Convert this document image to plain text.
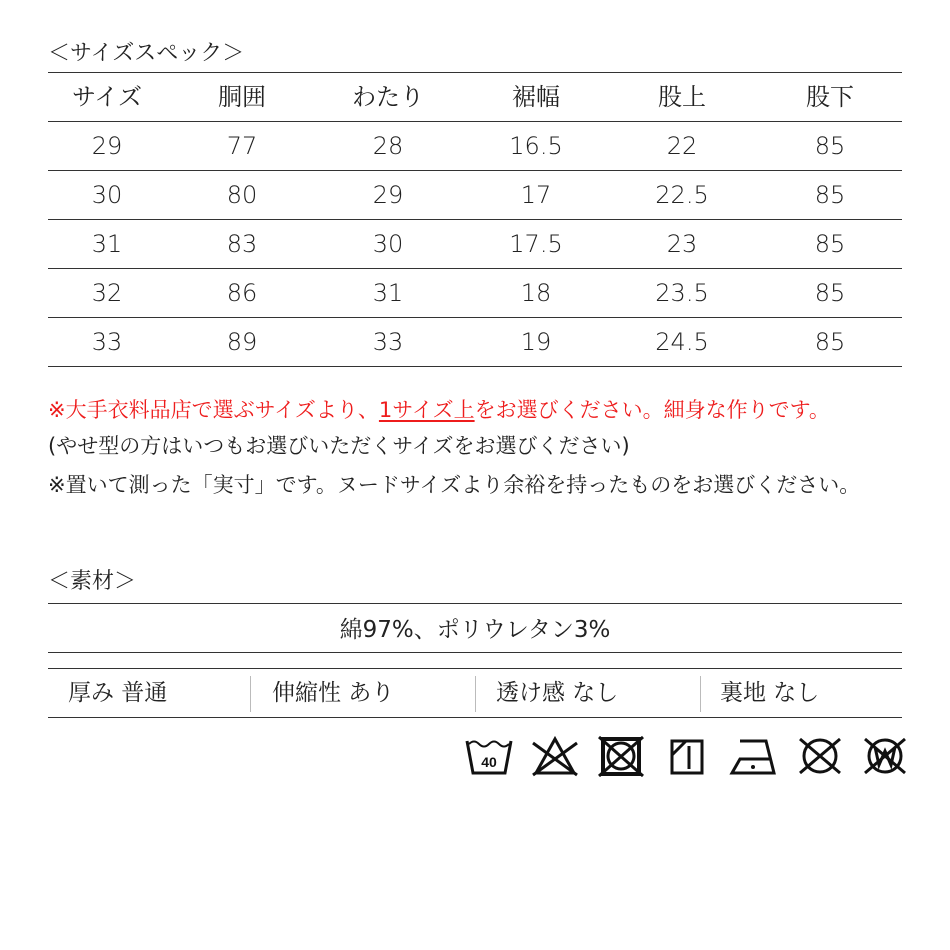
＜サイズスペック＞
サイズ	胴囲	わたり	裾幅	股上	股下
29	77	28	16.5	22	85
30	80	29	17	22.5	85
31	83	30	17.5	23	85
32	86	31	18	23.5	85
33	89	33	19	24.5	85
※大手衣料品店で選ぶサイズより、1サイズ上をお選びください。細身な作りです。
(やせ型の方はいつもお選びいただくサイズをお選びください)
※置いて測った「実寸」です。ヌードサイズより余裕を持ったものをお選びください。
＜素材＞
綿97%、ポリウレタン3%
厚み 普通	伸縮性 あり	透け感 なし	裏地 なし
40
